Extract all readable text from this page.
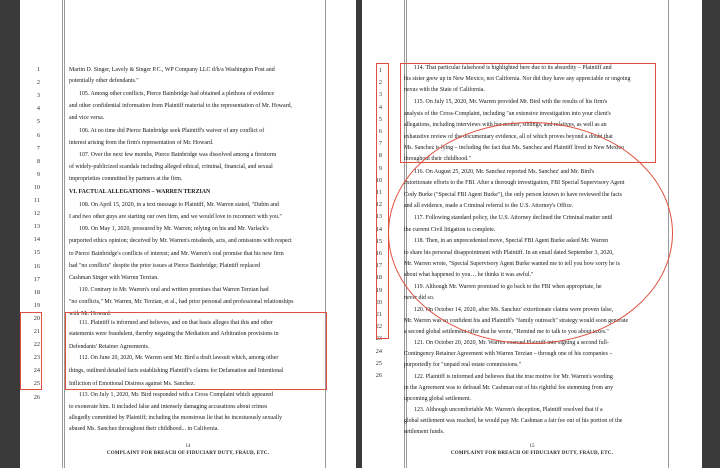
1
2
3
4
5
6
7
8
9
10
11
12
13
14
15
16
17
18
19
20
21
22
23
24
25
26
Martin D. Singer, Lavely & Singer P.C., WP Company LLC d/b/a Washington Post and
potentially other defendants."
105. Among other conflicts, Pierce Bainbridge had obtained a plethora of evidence
and other confidential information from Plaintiff material to the representation of Mr. Howard,
and vice versa.
106. At no time did Pierce Bainbridge seek Plaintiff's waiver of any conflict of
interest arising from the firm's representation of Mr. Howard.
107. Over the next few months, Pierce Bainbridge was dissolved among a firestorm
of widely-publicized scandals including alleged ethical, criminal, financial, and sexual
improprieties committed by partners at the firm.
VI. FACTUAL ALLEGATIONS – WARREN TERZIAN
108. On April 15, 2020, in a text message to Plaintiff, Mr. Warren stated, "Dubin and
I and two other guys are starting our own firm, and we would love to reconnect with you."
109. On May 1, 2020, pressured by Mr. Warren; relying on his and Mr. Varlack's
purported ethics opinion; deceived by Mr. Warren's misdeeds, acts, and omissions with respect
to Pierce Bainbridge's conflicts of interest; and Mr. Warren's oral promise that his new firm
had "no conflicts" despite the prior issues at Pierce Bainbridge; Plaintiff replaced
Cashman Singer with Warren Terzian.
110. Contrary to Mr. Warren's oral and written promises that Warren Terzian had
"no conflicts," Mr. Warren, Mr. Terzian, et al., had prior personal and professional relationships
with Mr. Howard.
111. Plaintiff is informed and believes, and on that basis alleges that this and other
statements were fraudulent, thereby negating the Mediation and Arbitration provisions in
Defendants' Retainer Agreements.
112. On June 20, 2020, Mr. Warren sent Mr. Bird a draft lawsuit which, among other
things, outlined detailed facts establishing Plaintiff's claims for Defamation and Intentional
Infliction of Emotional Distress against Ms. Sanchez.
113. On July 1, 2020, Mr. Bird responded with a Cross Complaint which appeared
to exonerate him. It included false and intensely damaging accusations about crimes
allegedly committed by Plaintiff; including the monstrous lie that he incestuously sexually
abused Ms. Sanchez throughout their childhood... in California.
14
COMPLAINT FOR BREACH OF FIDUCIARY DUTY, FRAUD, ETC.
1
2
3
4
5
6
7
8
9
10
11
12
13
14
15
16
17
18
19
20
21
22
23
24
25
26
114. That particular falsehood is highlighted here due to its absurdity – Plaintiff and
his sister grew up in New Mexico, not California. Nor did they have any appreciable or ongoing
nexus with the State of California.
115. On July 15, 2020, Mr. Warren provided Mr. Bird with the results of his firm's
analysis of the Cross-Complaint, including "an extensive investigation into your client's
allegations, including interviews with her mother, siblings, and relatives, as well as an
exhaustive review of the documentary evidence, all of which proves beyond a doubt that
Ms. Sanchez is lying – including the fact that Ms. Sanchez and Plaintiff lived in New Mexico
throughout their childhood."
116. On August 25, 2020, Mr. Sanchez reported Ms. Sanchez' and Mr. Bird's
extortionate efforts to the FBI. After a thorough investigation, FBI Special Supervisory Agent
Cody Burke ("Special FBI Agent Burke"), the only person known to have reviewed the facts
and all evidence, made a Criminal referral to the U.S. Attorney's Office.
117. Following standard policy, the U.S. Attorney declined the Criminal matter until
the current Civil litigation is complete.
118. Then, in an unprecedented move, Special FBI Agent Burke asked Mr. Warren
to share his personal disappointment with Plaintiff. In an email dated September 3, 2020,
Mr. Warren wrote, "Special Supervisory Agent Burke wanted me to tell you how sorry he is
about what happened to you… he thinks it was awful."
119. Although Mr. Warren promised to go back to the FBI when appropriate, he
never did so.
120. On October 14, 2020, after Ms. Sanchez' extortionate claims were proven false,
Mr. Warren was so confident his and Plaintiff's "family outreach" strategy would soon generate
a second global settlement offer that he wrote, "Remind me to talk to you about taxes."
121. On October 20, 2020, Mr. Warren coerced Plaintiff into signing a second full-
Contingency Retainer Agreement with Warren Terzian – through one of his companies –
purportedly for "unpaid real estate commissions."
122. Plaintiff is informed and believes that the true motive for Mr. Warren's wording
in the Agreement was to defraud Mr. Cashman out of his rightful fee stemming from any
upcoming global settlement.
123. Although uncomfortable Mr. Warren's deception, Plaintiff resolved that if a
global settlement was reached, he would pay Mr. Cashman a fair fee out of his portion of the
settlement funds.
15
COMPLAINT FOR BREACH OF FIDUCIARY DUTY, FRAUD, ETC.
